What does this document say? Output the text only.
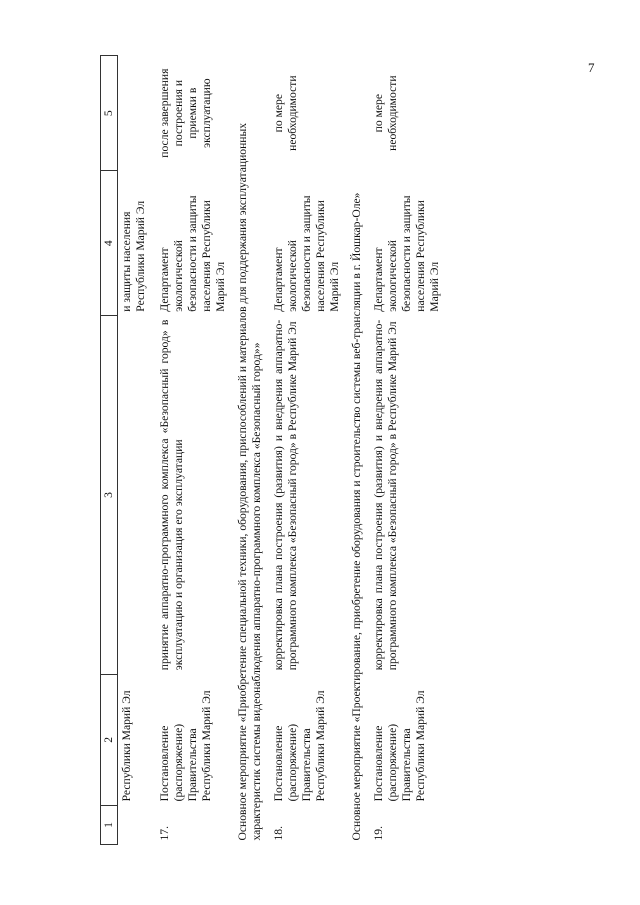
7
1	2	3	4	5
	Республики Марий Эл		и защиты населения Республики Марий Эл	

17.	Постановление (распоряжение) Правительства Республики Марий Эл	принятие аппаратно-программного комплекса «Безопасный город» в эксплуатацию и организация его эксплуатации	Департамент экологической безопасности и защиты населения Республики Марий Эл	после завершения построения и приемки в эксплуатацию
Основное мероприятие «Приобретение специальной техники, оборудования, приспособлений и материалов для поддержания эксплуатационных характеристик системы видеонаблюдения аппаратно-программного комплекса «Безопасный город»»				
18.	Постановление (распоряжение) Правительства Республики Марий Эл	корректировка плана построения (развития) и внедрения аппаратно-программного комплекса «Безопасный город» в Республике Марий Эл	Департамент экологической безопасности и защиты населения Республики Марий Эл	по мере необходимости
Основное мероприятие «Проектирование, приобретение оборудования и строительство системы веб-трансляции в г. Йошкар-Оле»				
19.	Постановление (распоряжение) Правительства Республики Марий Эл	корректировка плана построения (развития) и внедрения аппаратно-программного комплекса «Безопасный город» в Республике Марий Эл	Департамент экологической безопасности и защиты населения Республики Марий Эл	по мере необходимости
